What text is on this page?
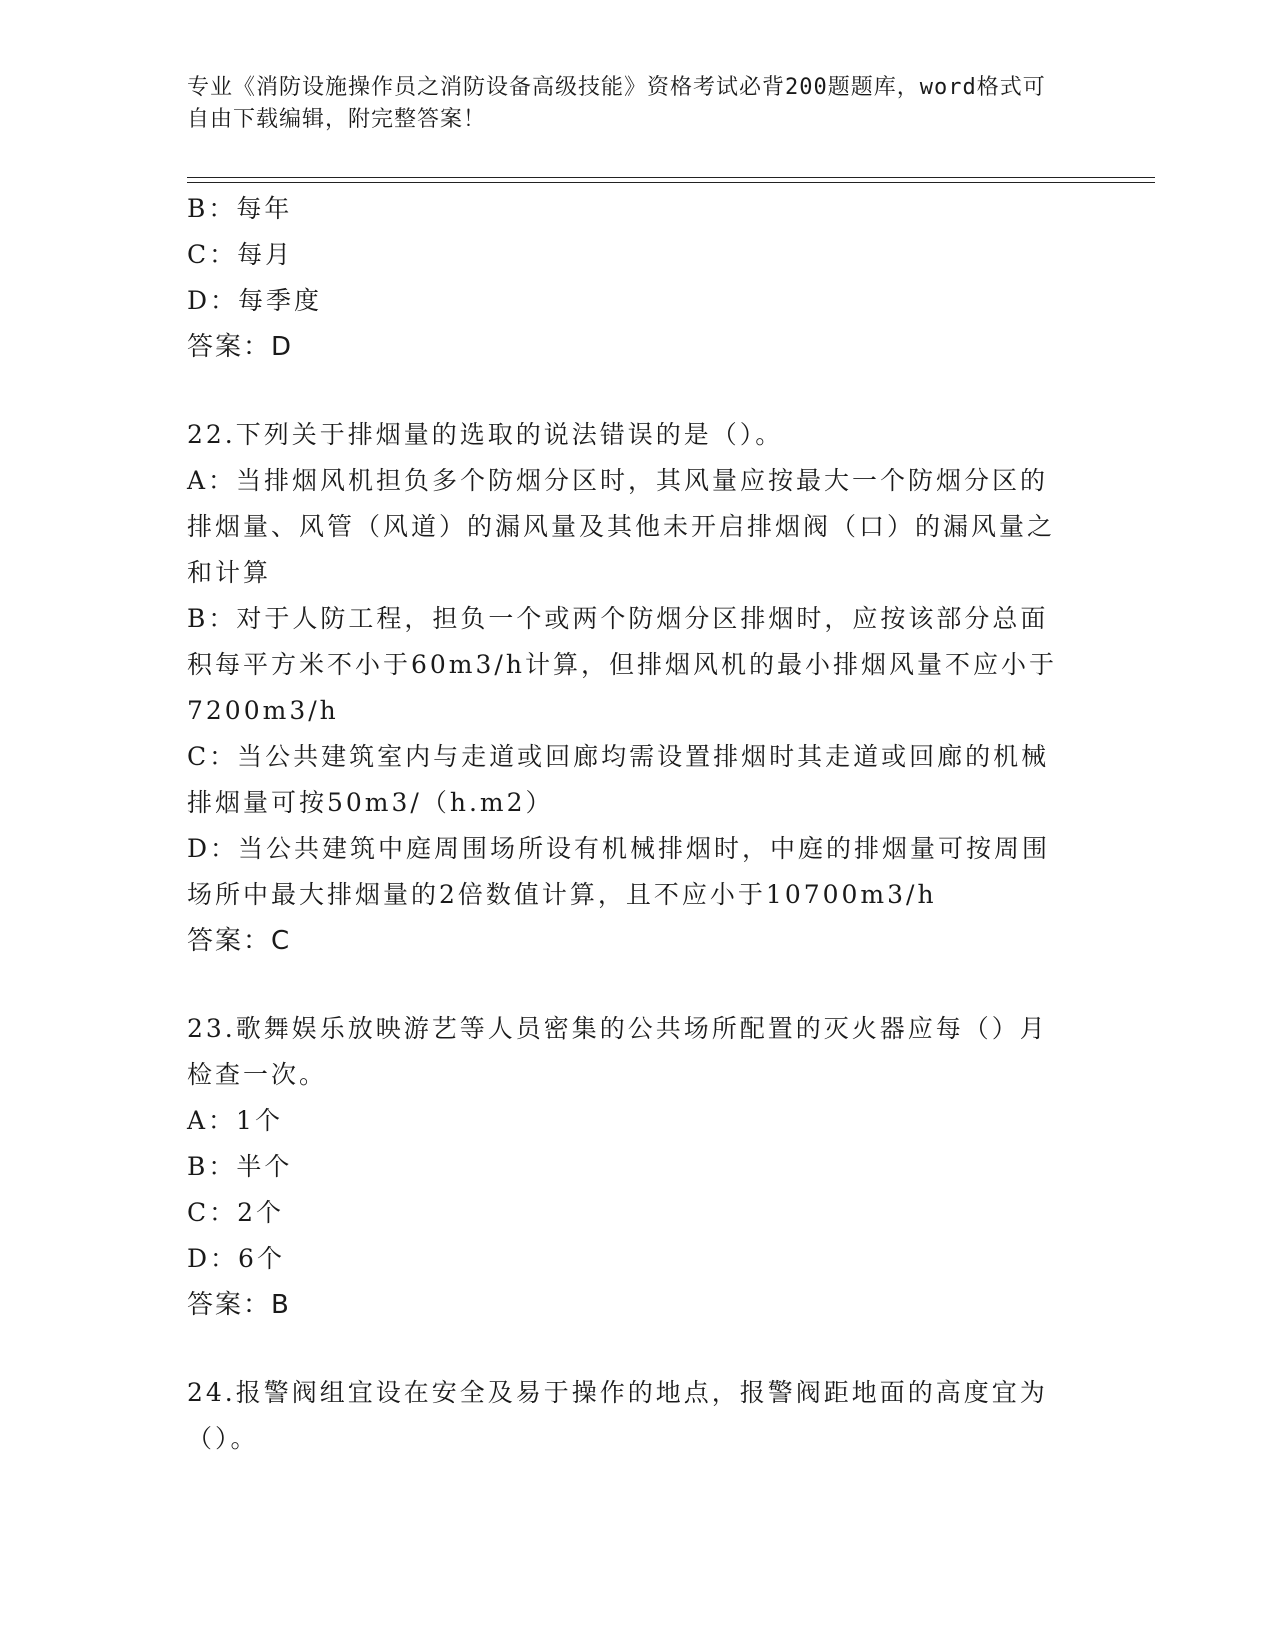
专业《消防设施操作员之消防设备高级技能》资格考试必背200题题库，word格式可自由下载编辑，附完整答案！
B：每年
C：每月
D：每季度
答案：D
22.下列关于排烟量的选取的说法错误的是（）。
A：当排烟风机担负多个防烟分区时，其风量应按最大一个防烟分区的排烟量、风管（风道）的漏风量及其他未开启排烟阀（口）的漏风量之和计算
B：对于人防工程，担负一个或两个防烟分区排烟时，应按该部分总面积每平方米不小于60m3/h计算，但排烟风机的最小排烟风量不应小于7200m3/h
C：当公共建筑室内与走道或回廊均需设置排烟时其走道或回廊的机械排烟量可按50m3/（h.m2）
D：当公共建筑中庭周围场所设有机械排烟时，中庭的排烟量可按周围场所中最大排烟量的2倍数值计算，且不应小于10700m3/h
答案：C
23.歌舞娱乐放映游艺等人员密集的公共场所配置的灭火器应每（）月检查一次。
A：1个
B：半个
C：2个
D：6个
答案：B
24.报警阀组宜设在安全及易于操作的地点，报警阀距地面的高度宜为（）。
